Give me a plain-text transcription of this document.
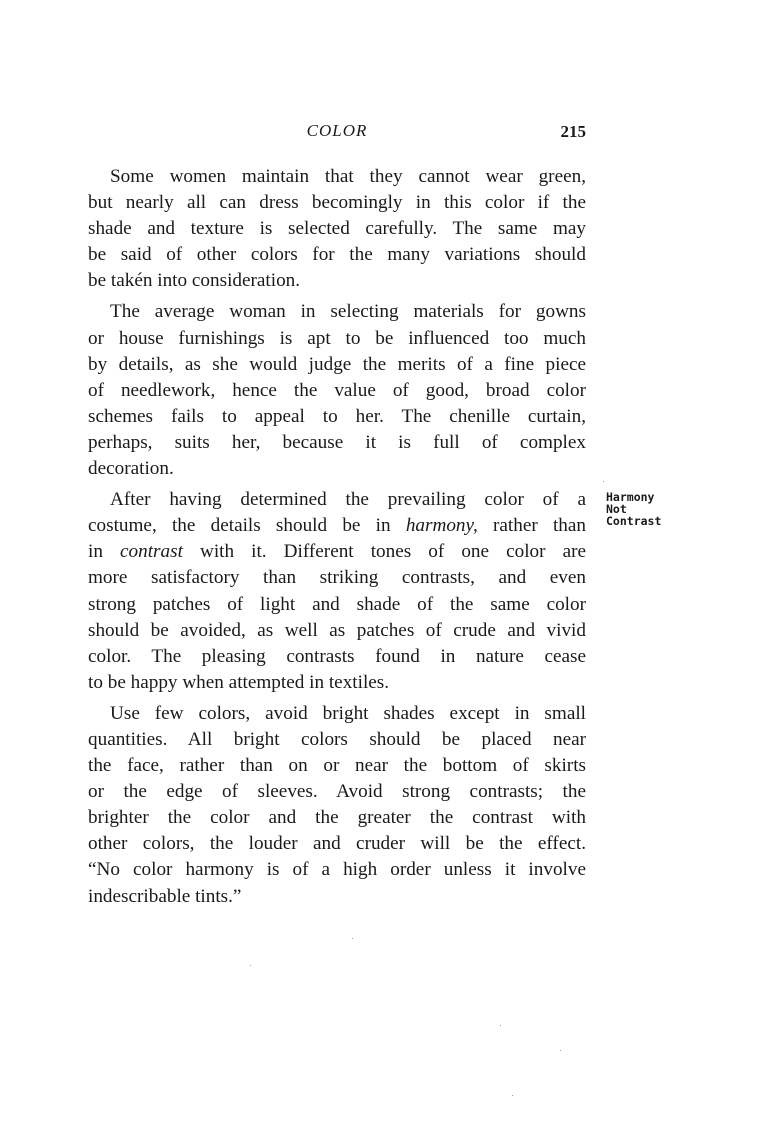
COLOR	215
Some women maintain that they cannot wear green,
but nearly all can dress becomingly in this color if the
shade and texture is selected carefully. The same may
be said of other colors for the many variations should
be takén into consideration.
The average woman in selecting materials for gowns
or house furnishings is apt to be influenced too much
by details, as she would judge the merits of a fine piece
of needlework, hence the value of good, broad color
schemes fails to appeal to her. The chenille curtain,
perhaps, suits her, because it is full of complex
decoration.
After having determined the prevailing color of a
costume, the details should be in harmony, rather than
in contrast with it. Different tones of one color are
more satisfactory than striking contrasts, and even
strong patches of light and shade of the same color
should be avoided, as well as patches of crude and vivid
color. The pleasing contrasts found in nature cease
to be happy when attempted in textiles.
Use few colors, avoid bright shades except in small
quantities. All bright colors should be placed near
the face, rather than on or near the bottom of skirts
or the edge of sleeves. Avoid strong contrasts; the
brighter the color and the greater the contrast with
other colors, the louder and cruder will be the effect.
“No color harmony is of a high order unless it involve
indescribable tints.”
Harmony
Not
Contrast
